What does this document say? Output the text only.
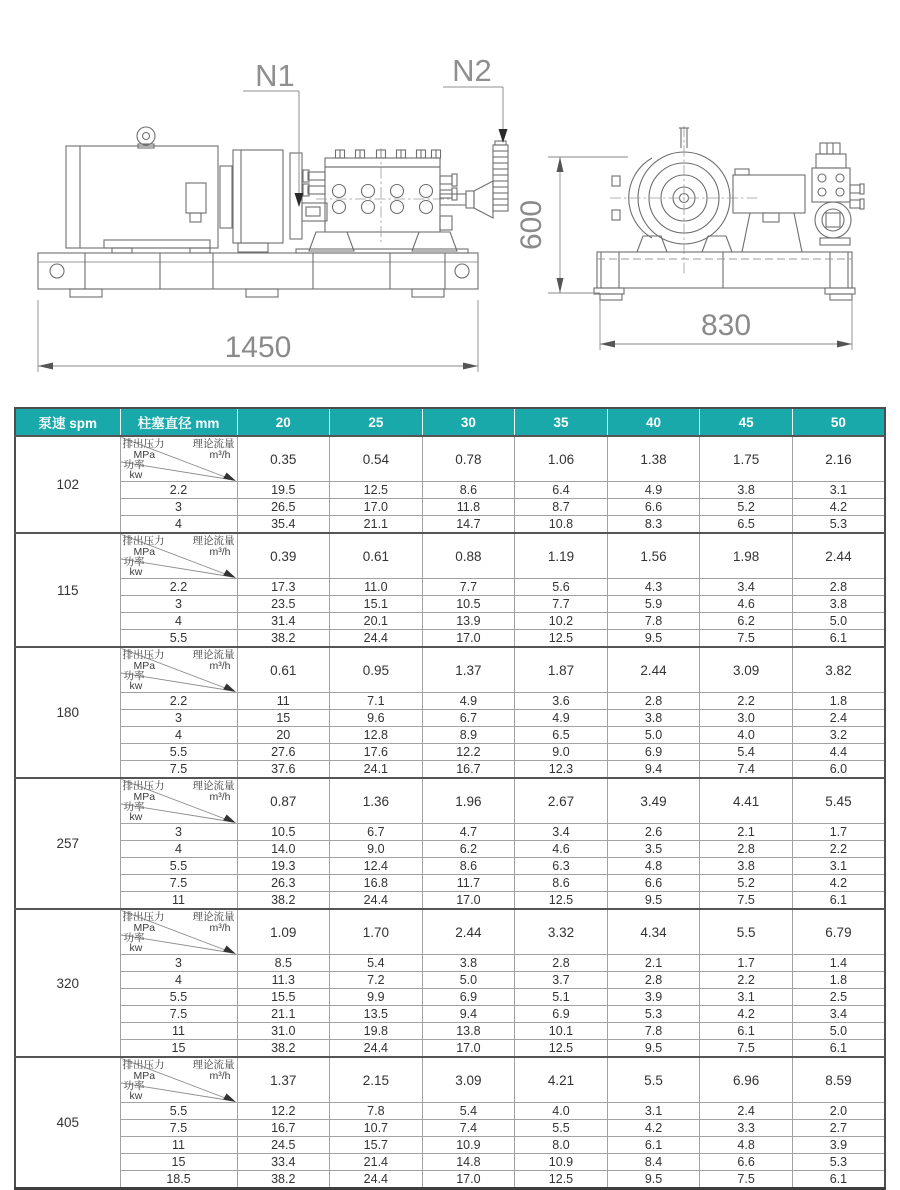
N1	N2
1450
600
830
泵速 spm	柱塞直径 mm	20	25	30	35	40	45	50
102	
排出压力
MPa
理论流量
m³/h
功率
kw
	0.35	0.54	0.78	1.06	1.38	1.75	2.16
	2.2	19.5	12.5	8.6	6.4	4.9	3.8	3.1
	3	26.5	17.0	11.8	8.7	6.6	5.2	4.2
	4	35.4	21.1	14.7	10.8	8.3	6.5	5.3
115	
排出压力
MPa
理论流量
m³/h
功率
kw
	0.39	0.61	0.88	1.19	1.56	1.98	2.44
	2.2	17.3	11.0	7.7	5.6	4.3	3.4	2.8
	3	23.5	15.1	10.5	7.7	5.9	4.6	3.8
	4	31.4	20.1	13.9	10.2	7.8	6.2	5.0
	5.5	38.2	24.4	17.0	12.5	9.5	7.5	6.1
180	
排出压力
MPa
理论流量
m³/h
功率
kw
	0.61	0.95	1.37	1.87	2.44	3.09	3.82
	2.2	11	7.1	4.9	3.6	2.8	2.2	1.8
	3	15	9.6	6.7	4.9	3.8	3.0	2.4
	4	20	12.8	8.9	6.5	5.0	4.0	3.2
	5.5	27.6	17.6	12.2	9.0	6.9	5.4	4.4
	7.5	37.6	24.1	16.7	12.3	9.4	7.4	6.0
257	
排出压力
MPa
理论流量
m³/h
功率
kw
	0.87	1.36	1.96	2.67	3.49	4.41	5.45
	3	10.5	6.7	4.7	3.4	2.6	2.1	1.7
	4	14.0	9.0	6.2	4.6	3.5	2.8	2.2
	5.5	19.3	12.4	8.6	6.3	4.8	3.8	3.1
	7.5	26.3	16.8	11.7	8.6	6.6	5.2	4.2
	11	38.2	24.4	17.0	12.5	9.5	7.5	6.1
320	
排出压力
MPa
理论流量
m³/h
功率
kw
	1.09	1.70	2.44	3.32	4.34	5.5	6.79
	3	8.5	5.4	3.8	2.8	2.1	1.7	1.4
	4	11.3	7.2	5.0	3.7	2.8	2.2	1.8
	5.5	15.5	9.9	6.9	5.1	3.9	3.1	2.5
	7.5	21.1	13.5	9.4	6.9	5.3	4.2	3.4
	11	31.0	19.8	13.8	10.1	7.8	6.1	5.0
	15	38.2	24.4	17.0	12.5	9.5	7.5	6.1
405	
排出压力
MPa
理论流量
m³/h
功率
kw
	1.37	2.15	3.09	4.21	5.5	6.96	8.59
	5.5	12.2	7.8	5.4	4.0	3.1	2.4	2.0
	7.5	16.7	10.7	7.4	5.5	4.2	3.3	2.7
	11	24.5	15.7	10.9	8.0	6.1	4.8	3.9
	15	33.4	21.4	14.8	10.9	8.4	6.6	5.3
	18.5	38.2	24.4	17.0	12.5	9.5	7.5	6.1
